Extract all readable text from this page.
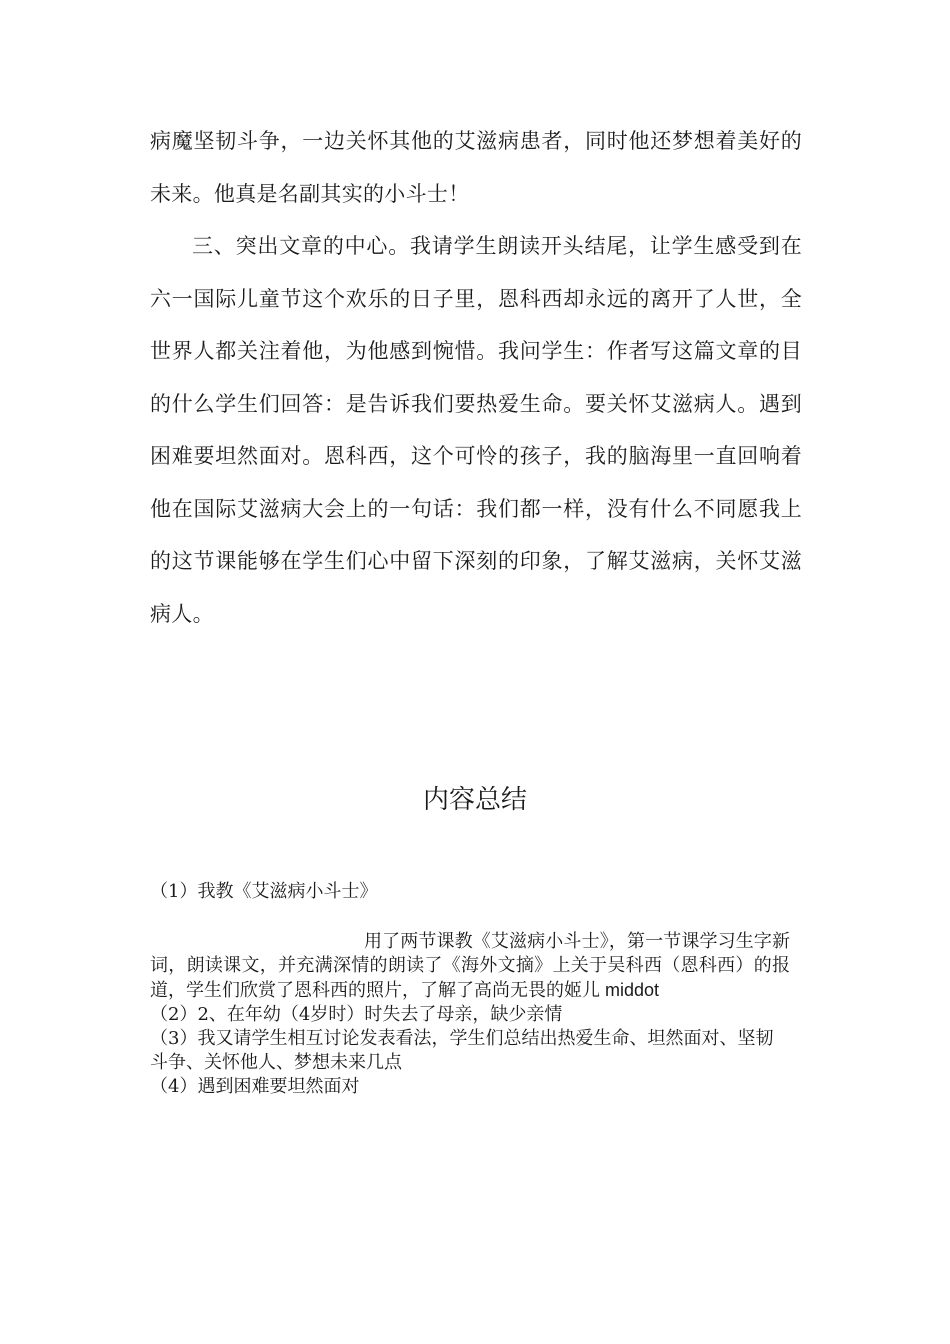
病魔坚韧斗争，一边关怀其他的艾滋病患者，同时他还梦想着美好的未来。他真是名副其实的小斗士！

三、突出文章的中心。我请学生朗读开头结尾，让学生感受到在六一国际儿童节这个欢乐的日子里，恩科西却永远的离开了人世，全世界人都关注着他，为他感到惋惜。我问学生：作者写这篇文章的目的什么学生们回答：是告诉我们要热爱生命。要关怀艾滋病人。遇到困难要坦然面对。恩科西，这个可怜的孩子，我的脑海里一直回响着他在国际艾滋病大会上的一句话：我们都一样，没有什么不同愿我上的这节课能够在学生们心中留下深刻的印象，了解艾滋病，关怀艾滋病人。

内容总结

（1）我教《艾滋病小斗士》

用了两节课教《艾滋病小斗士》，第一节课学习生字新词，朗读课文，并充满深情的朗读了《海外文摘》上关于吴科西（恩科西）的报道，学生们欣赏了恩科西的照片，了解了高尚无畏的姬儿 middot

（2）2、在年幼（4岁时）时失去了母亲，缺少亲情

（3）我又请学生相互讨论发表看法，学生们总结出热爱生命、坦然面对、坚韧斗争、关怀他人、梦想未来几点

（4）遇到困难要坦然面对
